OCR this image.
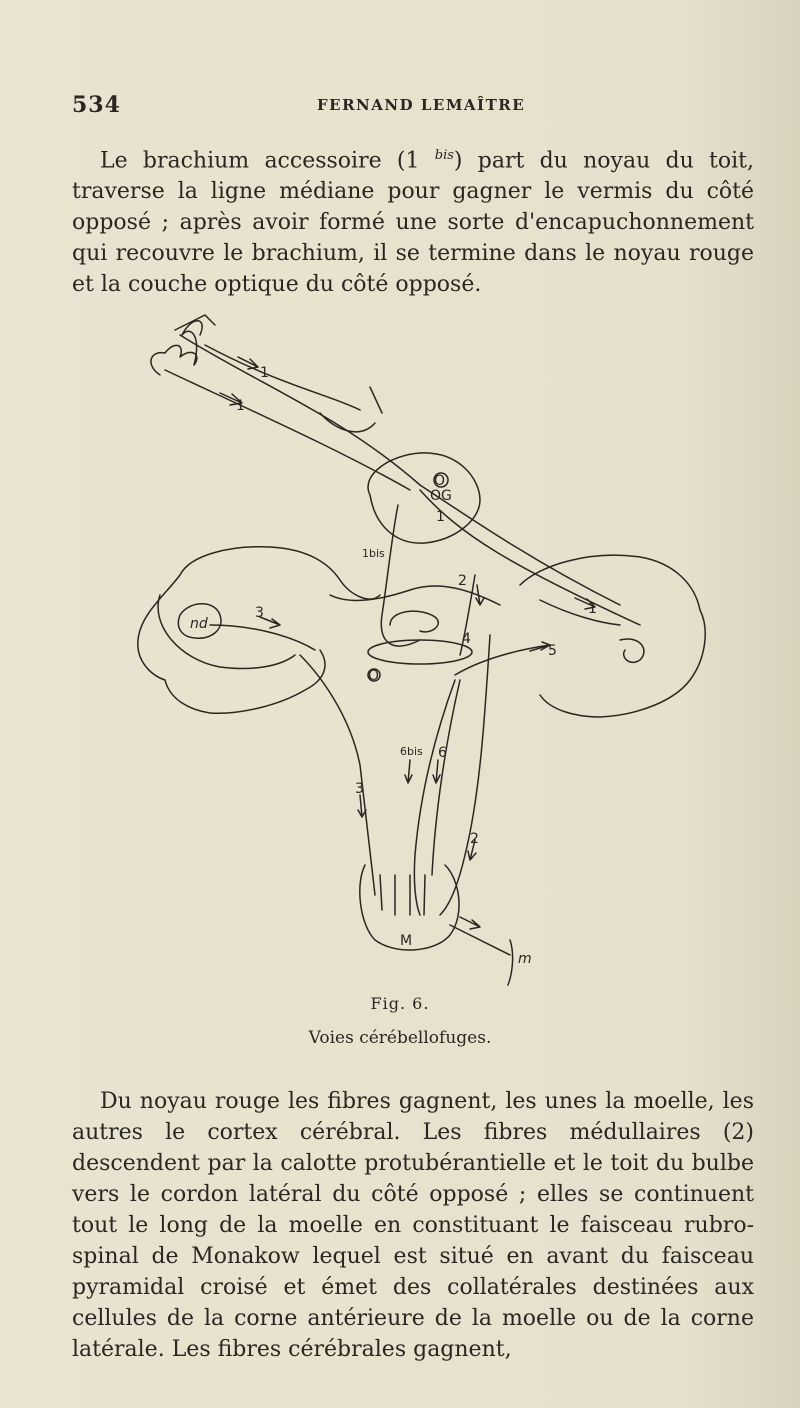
534	FERNAND LEMAÎTRE

Le brachium accessoire (1 $^{bis}$) part du noyau du toit, traverse la ligne médiane pour gagner le vermis du côté opposé ; après avoir formé une sorte d'encapuchonnement qui recouvre le brachium, il se termine dans le noyau rouge et la couche optique du côté opposé.

1
1
1
1
OG
O
O
1bis
2
2
3
3
4
5
6
6bis
nd
M
m
Fig. 6.
Voies cérébellofuges.

Du noyau rouge les fibres gagnent, les unes la moelle, les autres le cortex cérébral. Les fibres médullaires (2) descendent par la calotte protubérantielle et le toit du bulbe vers le cordon latéral du côté opposé ; elles se continuent tout le long de la moelle en constituant le faisceau rubro-spinal de Monakow lequel est situé en avant du faisceau pyramidal croisé et émet des collatérales destinées aux cellules de la corne antérieure de la moelle ou de la corne latérale. Les fibres cérébrales gagnent,
